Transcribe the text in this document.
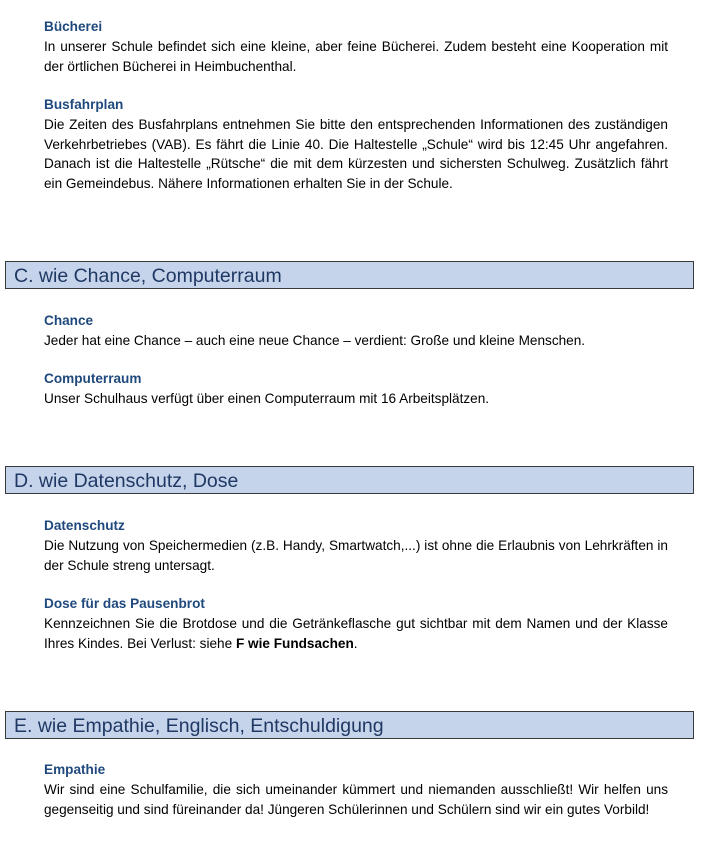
Bücherei

In unserer Schule befindet sich eine kleine, aber feine Bücherei. Zudem besteht eine Kooperation mit der örtlichen Bücherei in Heimbuchenthal.

Busfahrplan

Die Zeiten des Busfahrplans entnehmen Sie bitte den entsprechenden Informationen des zuständigen Verkehrbetriebes (VAB). Es fährt die Linie 40. Die Haltestelle „Schule“ wird bis 12:45 Uhr angefahren. Danach ist die Haltestelle „Rütsche“ die mit dem kürzesten und sichersten Schulweg. Zusätzlich fährt ein Gemeindebus. Nähere Informationen erhalten Sie in der Schule.

C. wie Chance, Computerraum
Chance

Jeder hat eine Chance – auch eine neue Chance – verdient: Große und kleine Menschen.

Computerraum

Unser Schulhaus verfügt über einen Computerraum mit 16 Arbeitsplätzen.

D. wie Datenschutz, Dose
Datenschutz

Die Nutzung von Speichermedien (z.B. Handy, Smartwatch,...) ist ohne die Erlaubnis von Lehrkräften in der Schule streng untersagt.

Dose für das Pausenbrot

Kennzeichnen Sie die Brotdose und die Getränkeflasche gut sichtbar mit dem Namen und der Klasse Ihres Kindes. Bei Verlust: siehe F wie Fundsachen.

E. wie Empathie, Englisch, Entschuldigung
Empathie

Wir sind eine Schulfamilie, die sich umeinander kümmert und niemanden ausschließt! Wir helfen uns gegenseitig und sind füreinander da! Jüngeren Schülerinnen und Schülern sind wir ein gutes Vorbild!
